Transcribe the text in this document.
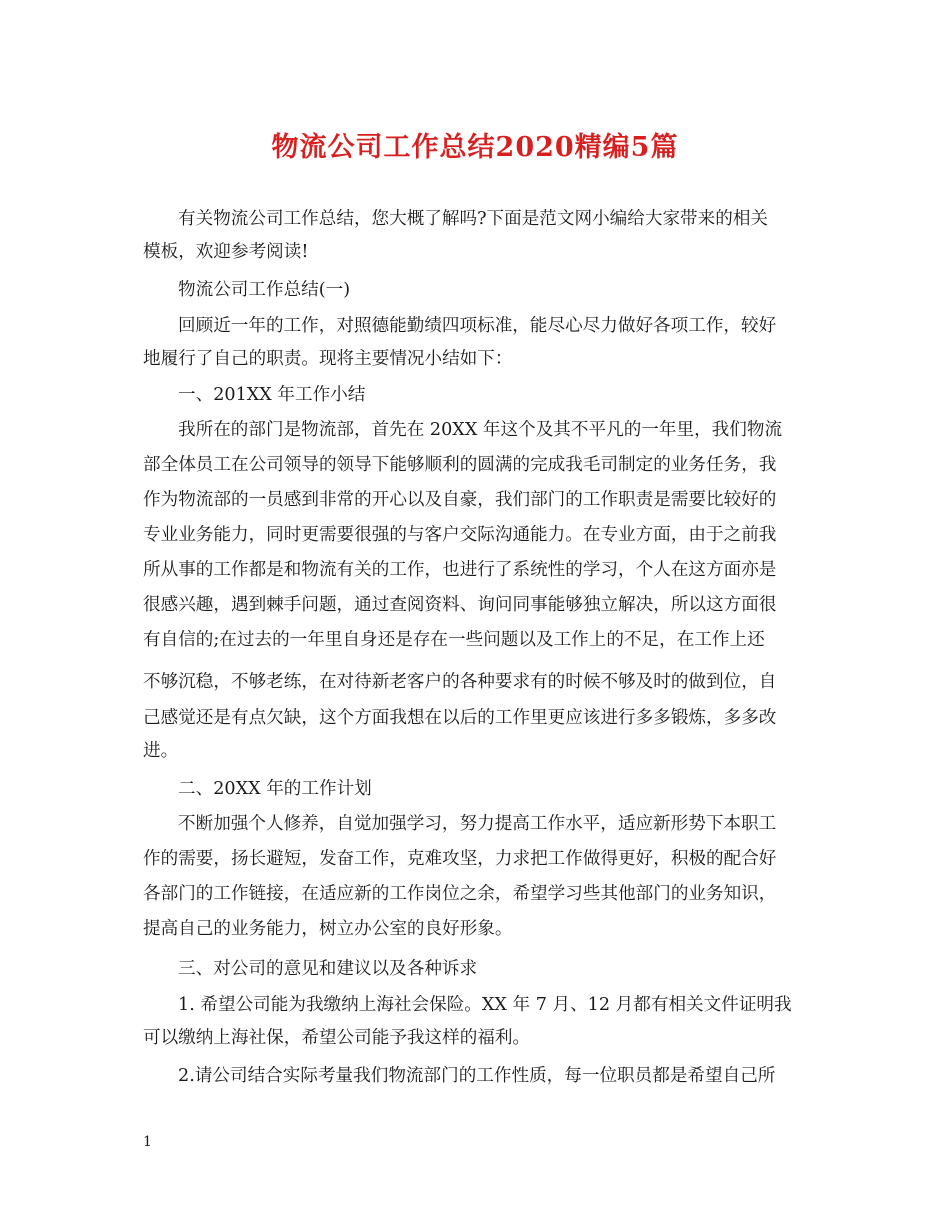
物流公司工作总结2020精编5篇
有关物流公司工作总结，您大概了解吗?下面是范文网小编给大家带来的相关
模板，欢迎参考阅读!
物流公司工作总结(一)
回顾近一年的工作，对照德能勤绩四项标准，能尽心尽力做好各项工作，较好
地履行了自己的职责。现将主要情况小结如下：
一、201XX 年工作小结
我所在的部门是物流部，首先在 20XX 年这个及其不平凡的一年里，我们物流
部全体员工在公司领导的领导下能够顺利的圆满的完成我毛司制定的业务任务，我
作为物流部的一员感到非常的开心以及自豪，我们部门的工作职责是需要比较好的
专业业务能力，同时更需要很强的与客户交际沟通能力。在专业方面，由于之前我
所从事的工作都是和物流有关的工作，也进行了系统性的学习，个人在这方面亦是
很感兴趣，遇到棘手问题，通过查阅资料、询问同事能够独立解决，所以这方面很
有自信的;在过去的一年里自身还是存在一些问题以及工作上的不足，在工作上还
不够沉稳，不够老练，在对待新老客户的各种要求有的时候不够及时的做到位，自
己感觉还是有点欠缺，这个方面我想在以后的工作里更应该进行多多锻炼，多多改
进。
二、20XX 年的工作计划
不断加强个人修养，自觉加强学习，努力提高工作水平，适应新形势下本职工
作的需要，扬长避短，发奋工作，克难攻坚，力求把工作做得更好，积极的配合好
各部门的工作链接，在适应新的工作岗位之余，希望学习些其他部门的业务知识，
提高自己的业务能力，树立办公室的良好形象。
三、对公司的意见和建议以及各种诉求
1. 希望公司能为我缴纳上海社会保险。XX 年 7 月、12 月都有相关文件证明我
可以缴纳上海社保，希望公司能予我这样的福利。
2.请公司结合实际考量我们物流部门的工作性质，每一位职员都是希望自己所
1
